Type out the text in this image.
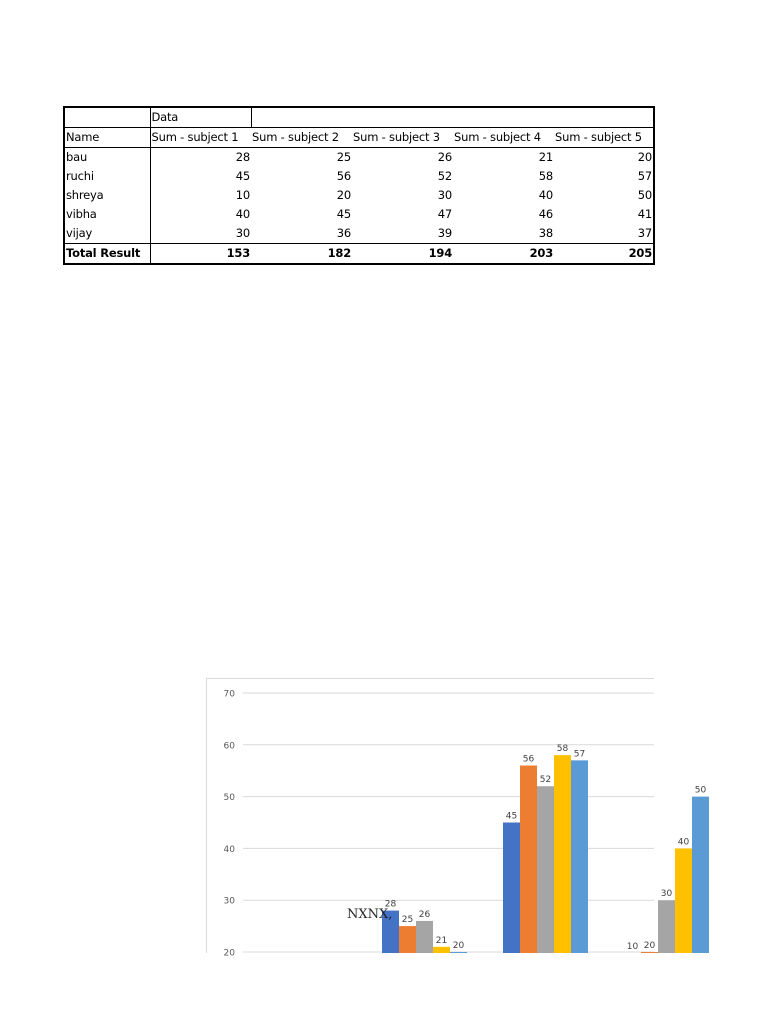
	Data				
Name	Sum - subject 1	Sum - subject 2	Sum - subject 3	Sum - subject 4	Sum - subject 5
bau	28	25	26	21	20
ruchi	45	56	52	58	57
shreya	10	20	30	40	50
vibha	40	45	47	46	41
vijay	30	36	39	38	37
Total Result	153	182	194	203	205
20
30
40
50
60
70
28
25
26
21
20
45
56
52
58
57
10 20
30
40
50
NXNX,
